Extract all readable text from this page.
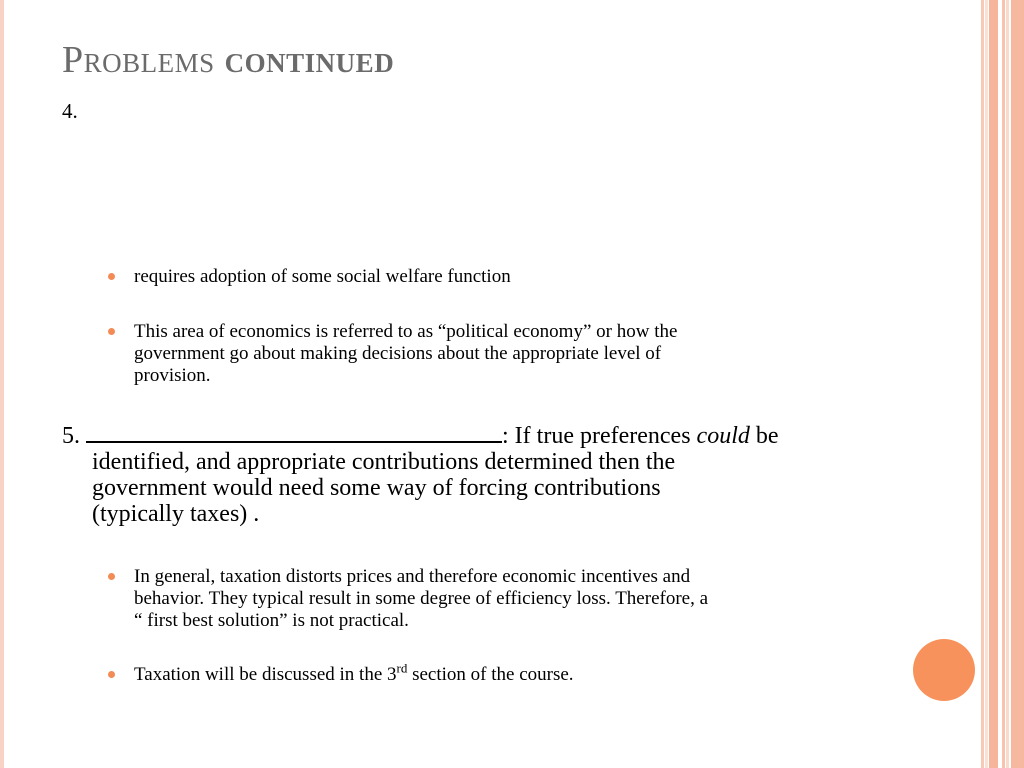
Problems continued
4.
requires adoption of some social welfare function
This area of economics is referred to as “political economy” or how the
government go about making decisions about the appropriate level of
provision.
5.	: If true preferences could be
identified, and appropriate contributions determined then the
government would need some way of forcing contributions
(typically taxes) .
In general, taxation distorts prices and therefore economic incentives and
behavior. They typical result in some degree of efficiency loss. Therefore, a
“ first best solution” is not practical.
Taxation will be discussed in the 3rd section of the course.
